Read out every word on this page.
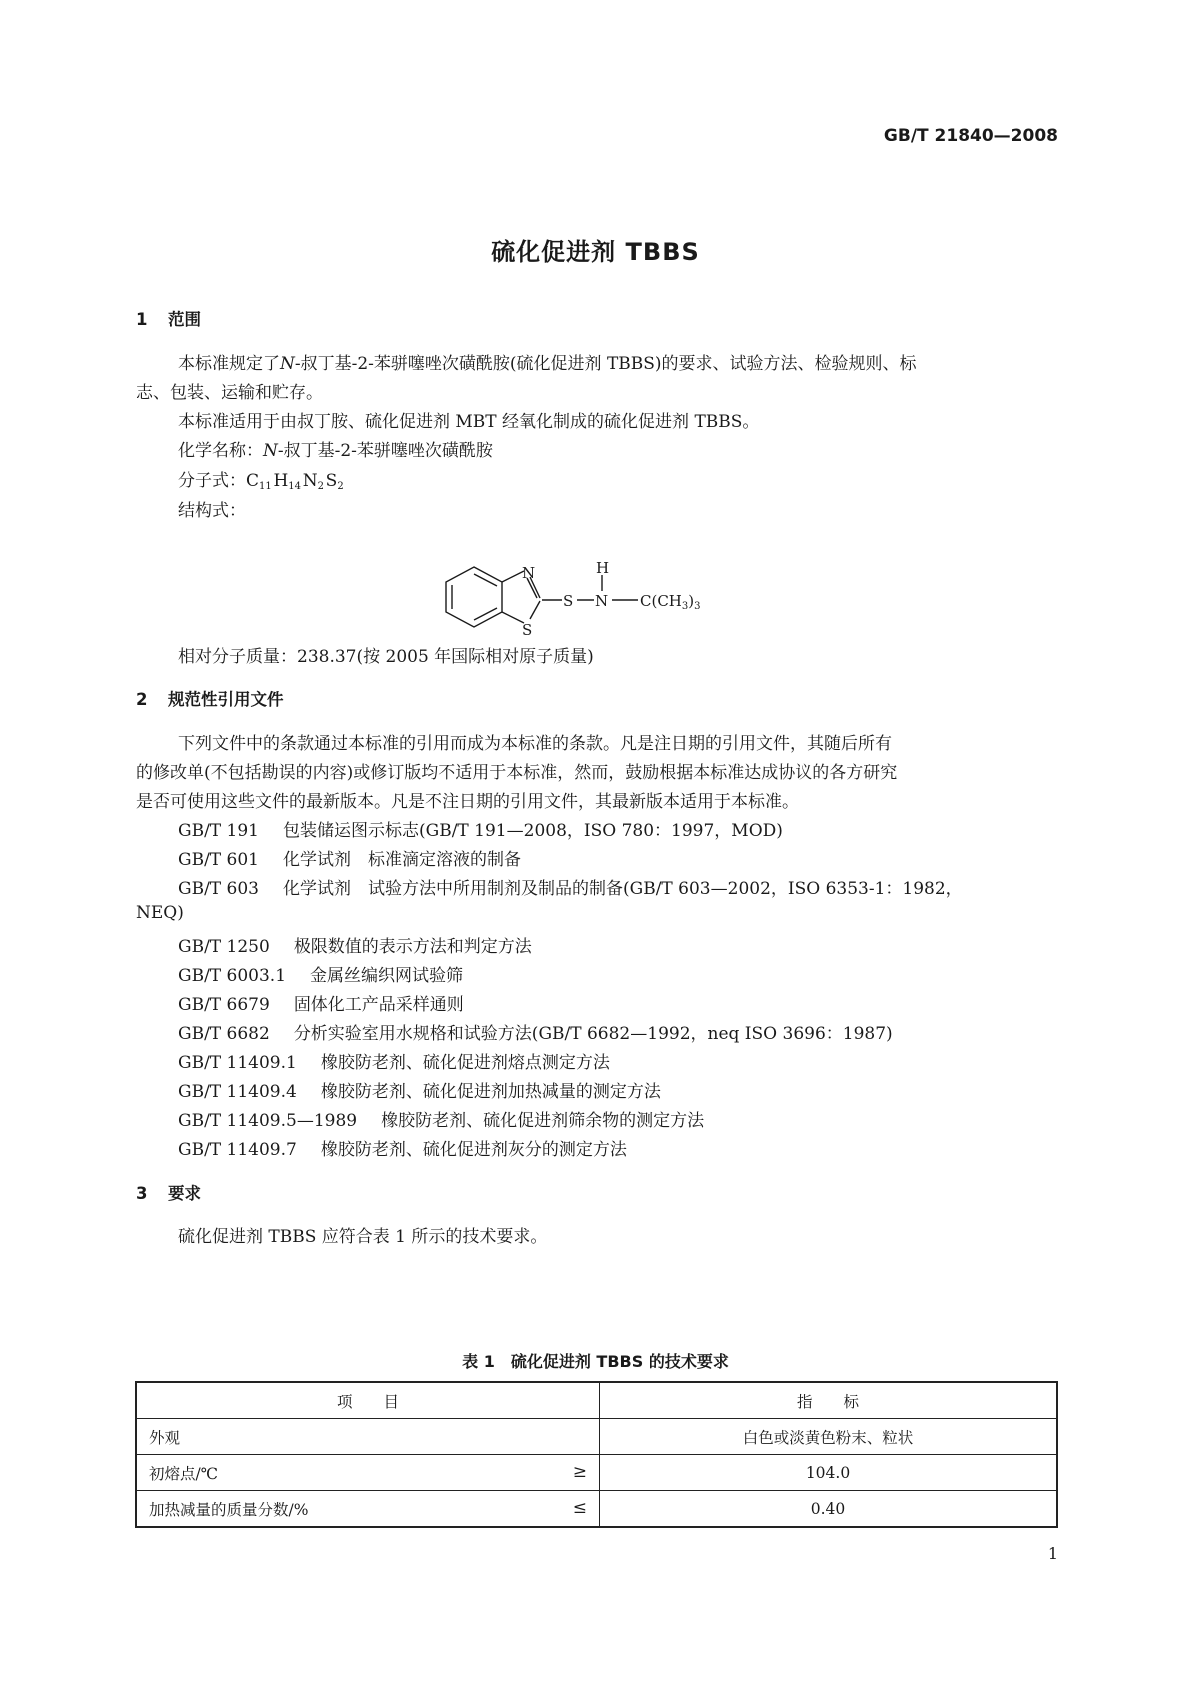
GB/T 21840—2008
硫化促进剂 TBBS
1 范围
本标准规定了N-叔丁基-2-苯骈噻唑次磺酰胺(硫化促进剂 TBBS)的要求、试验方法、检验规则、标
志、包装、运输和贮存。
本标准适用于由叔丁胺、硫化促进剂 MBT 经氧化制成的硫化促进剂 TBBS。
化学名称：N-叔丁基-2-苯骈噻唑次磺酰胺
分子式：$C_{11}$  $H_{14}$  $N_2$  $S_2$
结构式：
N
S
S N
H
$C(CH_3)_3$
相对分子质量：238.37(按 2005 年国际相对原子质量)
2 规范性引用文件
下列文件中的条款通过本标准的引用而成为本标准的条款。凡是注日期的引用文件，其随后所有
的修改单(不包括勘误的内容)或修订版均不适用于本标准，然而，鼓励根据本标准达成协议的各方研究
是否可使用这些文件的最新版本。凡是不注日期的引用文件，其最新版本适用于本标准。
GB/T 191 包装储运图示标志(GB/T 191—2008，ISO 780：1997，MOD)
GB/T 601 化学试剂　标准滴定溶液的制备
GB/T 603 化学试剂　试验方法中所用制剂及制品的制备(GB/T 603—2002，ISO 6353-1：1982，
NEQ)
GB/T 1250 极限数值的表示方法和判定方法
GB/T 6003.1 金属丝编织网试验筛
GB/T 6679 固体化工产品采样通则
GB/T 6682 分析实验室用水规格和试验方法(GB/T 6682—1992，neq ISO 3696：1987)
GB/T 11409.1 橡胶防老剂、硫化促进剂熔点测定方法
GB/T 11409.4 橡胶防老剂、硫化促进剂加热减量的测定方法
GB/T 11409.5—1989 橡胶防老剂、硫化促进剂筛余物的测定方法
GB/T 11409.7 橡胶防老剂、硫化促进剂灰分的测定方法
3 要求
硫化促进剂 TBBS 应符合表 1 所示的技术要求。
表 1　硫化促进剂 TBBS 的技术要求
项   目	指   标
外观	白色或淡黄色粉末、粒状
初熔点/℃ ≥	104.0
加热减量的质量分数/% ≤	0.40
1
